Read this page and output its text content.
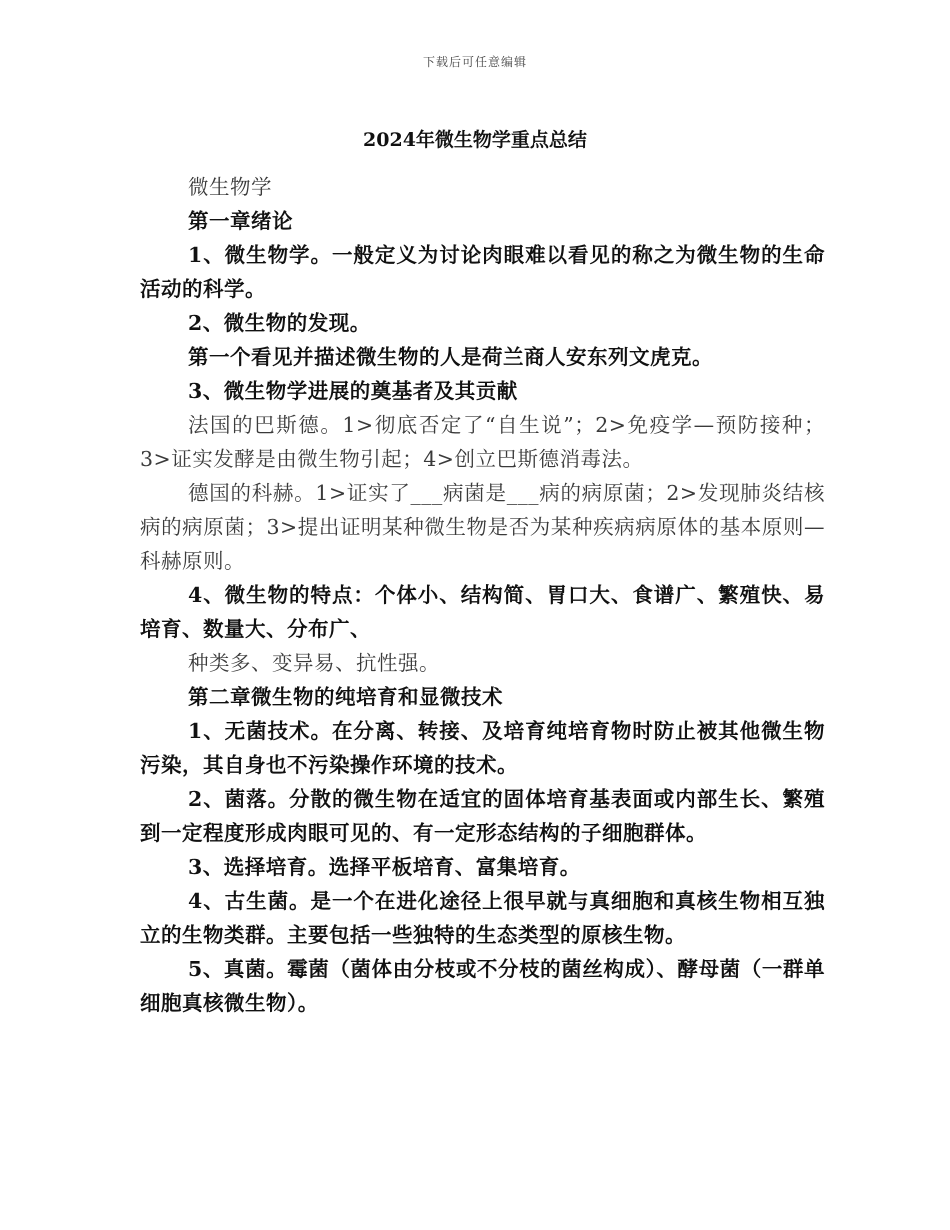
下载后可任意编辑
2024年微生物学重点总结

微生物学

第一章绪论

1、微生物学。一般定义为讨论肉眼难以看见的称之为微生物的生命活动的科学。

2、微生物的发现。

第一个看见并描述微生物的人是荷兰商人安东列文虎克。

3、微生物学进展的奠基者及其贡献

法国的巴斯德。1>彻底否定了“自生说”；2>免疫学—预防接种；3>证实发酵是由微生物引起；4>创立巴斯德消毒法。

德国的科赫。1>证实了___病菌是___病的病原菌；2>发现肺炎结核病的病原菌；3>提出证明某种微生物是否为某种疾病病原体的基本原则—科赫原则。

4、微生物的特点：个体小、结构简、胃口大、食谱广、繁殖快、易培育、数量大、分布广、

种类多、变异易、抗性强。

第二章微生物的纯培育和显微技术

1、无菌技术。在分离、转接、及培育纯培育物时防止被其他微生物污染，其自身也不污染操作环境的技术。

2、菌落。分散的微生物在适宜的固体培育基表面或内部生长、繁殖到一定程度形成肉眼可见的、有一定形态结构的子细胞群体。

3、选择培育。选择平板培育、富集培育。

4、古生菌。是一个在进化途径上很早就与真细胞和真核生物相互独立的生物类群。主要包括一些独特的生态类型的原核生物。

5、真菌。霉菌（菌体由分枝或不分枝的菌丝构成）、酵母菌（一群单细胞真核微生物）。
